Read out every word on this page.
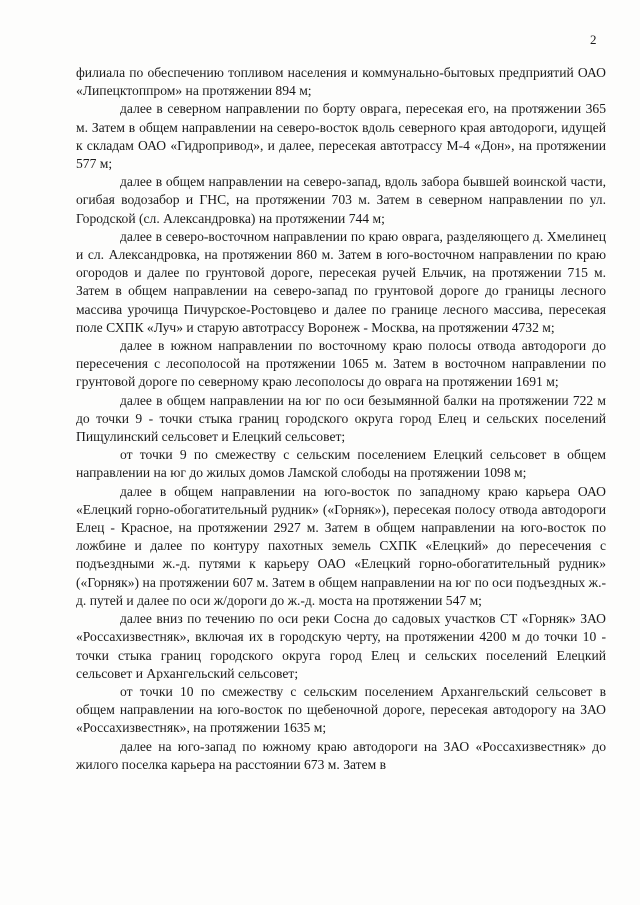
2

филиала по обеспечению топливом населения и коммунально-бытовых предприятий ОАО «Липецктоппром» на протяжении 894 м;

далее в северном направлении по борту оврага, пересекая его, на протяжении 365 м. Затем в общем направлении на северо-восток вдоль северного края автодороги, идущей к складам ОАО «Гидропривод», и далее, пересекая автотрассу М-4 «Дон», на протяжении 577 м;

далее в общем направлении на северо-запад, вдоль забора бывшей воинской части, огибая водозабор и ГНС, на протяжении 703 м. Затем в северном направлении по ул. Городской (сл. Александровка) на протяжении 744 м;

далее в северо-восточном направлении по краю оврага, разделяющего д. Хмелинец и сл. Александровка, на протяжении 860 м. Затем в юго-восточном направлении по краю огородов и далее по грунтовой дороге, пересекая ручей Ельчик, на протяжении 715 м. Затем в общем направлении на северо-запад по грунтовой дороге до границы лесного массива урочища Пичурское-Ростовцево и далее по границе лесного массива, пересекая поле СХПК «Луч» и старую автотрассу Воронеж - Москва, на протяжении 4732 м;

далее в южном направлении по восточному краю полосы отвода автодороги до пересечения с лесополосой на протяжении 1065 м. Затем в восточном направлении по грунтовой дороге по северному краю лесополосы до оврага на протяжении 1691 м;

далее в общем направлении на юг по оси безымянной балки на протяжении 722 м до точки 9 - точки стыка границ городского округа город Елец и сельских поселений Пищулинский сельсовет и Елецкий сельсовет;

от точки 9 по смежеству с сельским поселением Елецкий сельсовет в общем направлении на юг до жилых домов Ламской слободы на протяжении 1098 м;

далее в общем направлении на юго-восток по западному краю карьера ОАО «Елецкий горно-обогатительный рудник» («Горняк»), пересекая полосу отвода автодороги Елец - Красное, на протяжении 2927 м. Затем в общем направлении на юго-восток по ложбине и далее по контуру пахотных земель СХПК «Елецкий» до пересечения с подъездными ж.-д. путями к карьеру ОАО «Елецкий горно-обогатительный рудник» («Горняк») на протяжении 607 м. Затем в общем направлении на юг по оси подъездных ж.-д. путей и далее по оси ж/дороги до ж.-д. моста на протяжении 547 м;

далее вниз по течению по оси реки Сосна до садовых участков СТ «Горняк» ЗАО «Россахизвестняк», включая их в городскую черту, на протяжении 4200 м до точки 10 - точки стыка границ городского округа город Елец и сельских поселений Елецкий сельсовет и Архангельский сельсовет;

от точки 10 по смежеству с сельским поселением Архангельский сельсовет в общем направлении на юго-восток по щебеночной дороге, пересекая автодорогу на ЗАО «Россахизвестняк», на протяжении 1635 м;

далее на юго-запад по южному краю автодороги на ЗАО «Россахизвестняк» до жилого поселка карьера на расстоянии 673 м. Затем в
